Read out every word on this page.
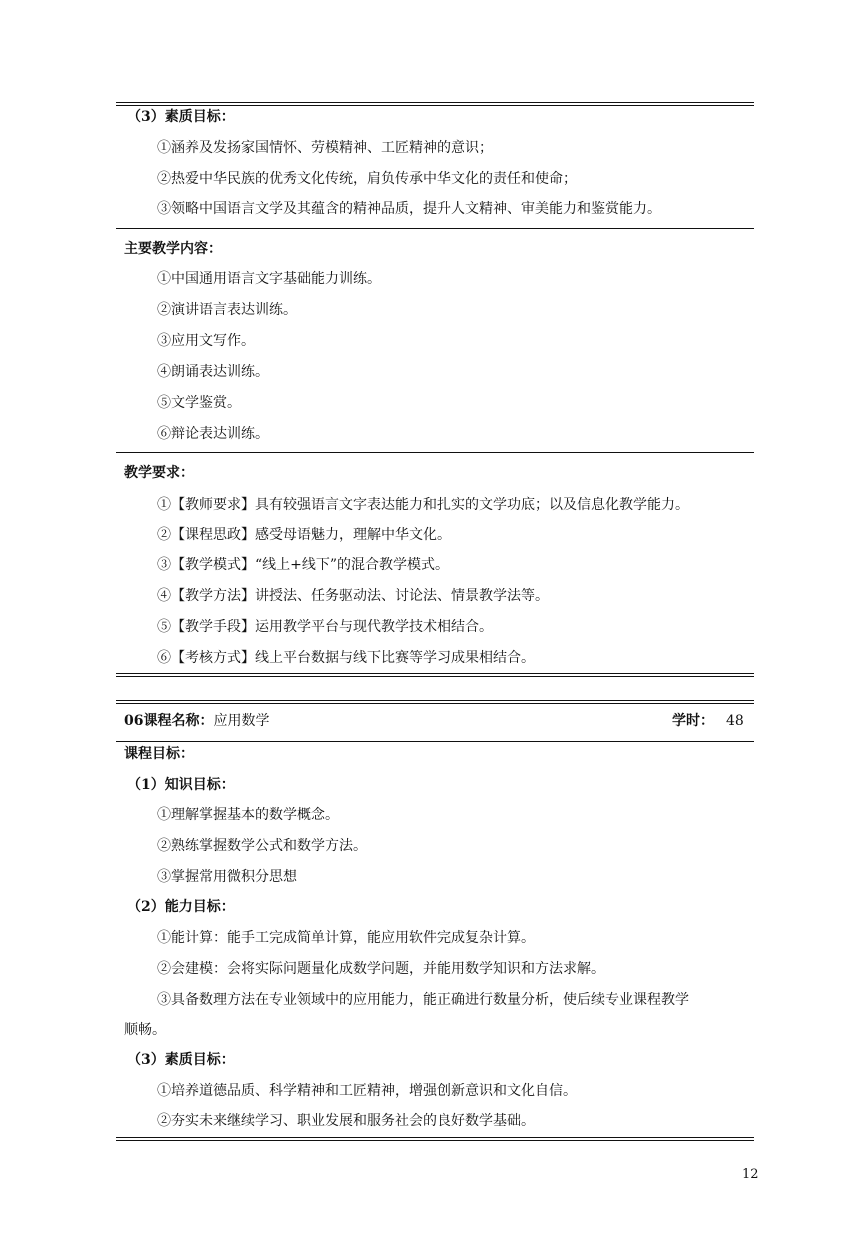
（3）素质目标：
①涵养及发扬家国情怀、劳模精神、工匠精神的意识；
②热爱中华民族的优秀文化传统，肩负传承中华文化的责任和使命；
③领略中国语言文学及其蕴含的精神品质，提升人文精神、审美能力和鉴赏能力。
主要教学内容：
①中国通用语言文字基础能力训练。
②演讲语言表达训练。
③应用文写作。
④朗诵表达训练。
⑤文学鉴赏。
⑥辩论表达训练。
教学要求：
①【教师要求】具有较强语言文字表达能力和扎实的文学功底；以及信息化教学能力。
②【课程思政】感受母语魅力，理解中华文化。
③【教学模式】“线上+线下”的混合教学模式。
④【教学方法】讲授法、任务驱动法、讨论法、情景教学法等。
⑤【教学手段】运用教学平台与现代教学技术相结合。
⑥【考核方式】线上平台数据与线下比赛等学习成果相结合。
06课程名称：应用数学	学时： 48
课程目标：
（1）知识目标：
①理解掌握基本的数学概念。
②熟练掌握数学公式和数学方法。
③掌握常用微积分思想
（2）能力目标：
①能计算：能手工完成简单计算，能应用软件完成复杂计算。
②会建模：会将实际问题量化成数学问题，并能用数学知识和方法求解。
③具备数理方法在专业领域中的应用能力，能正确进行数量分析，使后续专业课程教学
顺畅。
（3）素质目标：
①培养道德品质、科学精神和工匠精神，增强创新意识和文化自信。
②夯实未来继续学习、职业发展和服务社会的良好数学基础。
12
